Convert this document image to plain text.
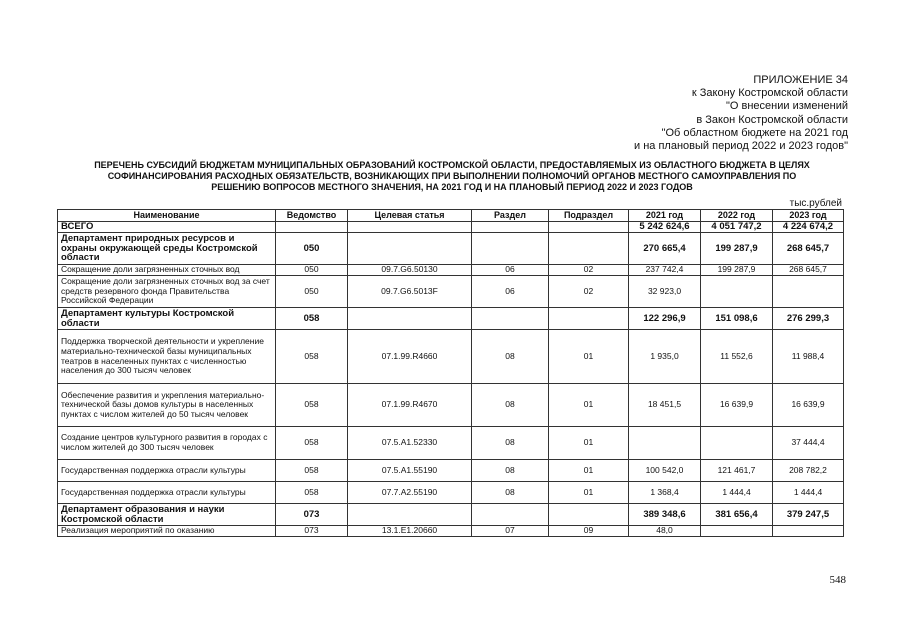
ПРИЛОЖЕНИЕ 34
к Закону Костромской области
"О внесении изменений
в Закон Костромской области
"Об областном бюджете на 2021 год
и на плановый период 2022 и 2023 годов"
ПЕРЕЧЕНЬ СУБСИДИЙ БЮДЖЕТАМ МУНИЦИПАЛЬНЫХ ОБРАЗОВАНИЙ КОСТРОМСКОЙ ОБЛАСТИ, ПРЕДОСТАВЛЯЕМЫХ ИЗ ОБЛАСТНОГО БЮДЖЕТА В ЦЕЛЯХ
СОФИНАНСИРОВАНИЯ РАСХОДНЫХ ОБЯЗАТЕЛЬСТВ, ВОЗНИКАЮЩИХ ПРИ ВЫПОЛНЕНИИ ПОЛНОМОЧИЙ ОРГАНОВ МЕСТНОГО САМОУПРАВЛЕНИЯ ПО
РЕШЕНИЮ ВОПРОСОВ МЕСТНОГО ЗНАЧЕНИЯ, НА 2021 ГОД И НА ПЛАНОВЫЙ ПЕРИОД 2022 И 2023 ГОДОВ
тыс.рублей
Наименование	Ведомство	Целевая статья	Раздел	Подраздел	2021 год	2022 год	2023 год
ВСЕГО					5 242 624,6	4 051 747,2	4 224 674,2
Департамент природных ресурсов и охраны окружающей среды Костромской области	050				270 665,4	199 287,9	268 645,7
Сокращение доли загрязненных сточных вод	050	09.7.G6.50130	06	02	237 742,4	199 287,9	268 645,7
Сокращение доли загрязненных сточных вод за счет средств резервного фонда Правительства Российской Федерации	050	09.7.G6.5013F	06	02	32 923,0		
Департамент культуры Костромской области	058				122 296,9	151 098,6	276 299,3
Поддержка творческой деятельности и укрепление материально-технической базы муниципальных театров в населенных пунктах с численностью населения до 300 тысяч человек	058	07.1.99.R4660	08	01	1 935,0	11 552,6	11 988,4
Обеспечение развития и укрепления материально-технической базы домов культуры в населенных пунктах с числом жителей до 50 тысяч человек	058	07.1.99.R4670	08	01	18 451,5	16 639,9	16 639,9
Создание центров культурного развития в городах с числом жителей до 300 тысяч человек	058	07.5.A1.52330	08	01			37 444,4
Государственная поддержка отрасли культуры	058	07.5.A1.55190	08	01	100 542,0	121 461,7	208 782,2
Государственная поддержка отрасли культуры	058	07.7.A2.55190	08	01	1 368,4	1 444,4	1 444,4
Департамент образования и науки Костромской области	073				389 348,6	381 656,4	379 247,5
Реализация мероприятий по оказанию	073	13.1.E1.20660	07	09	48,0		
548
